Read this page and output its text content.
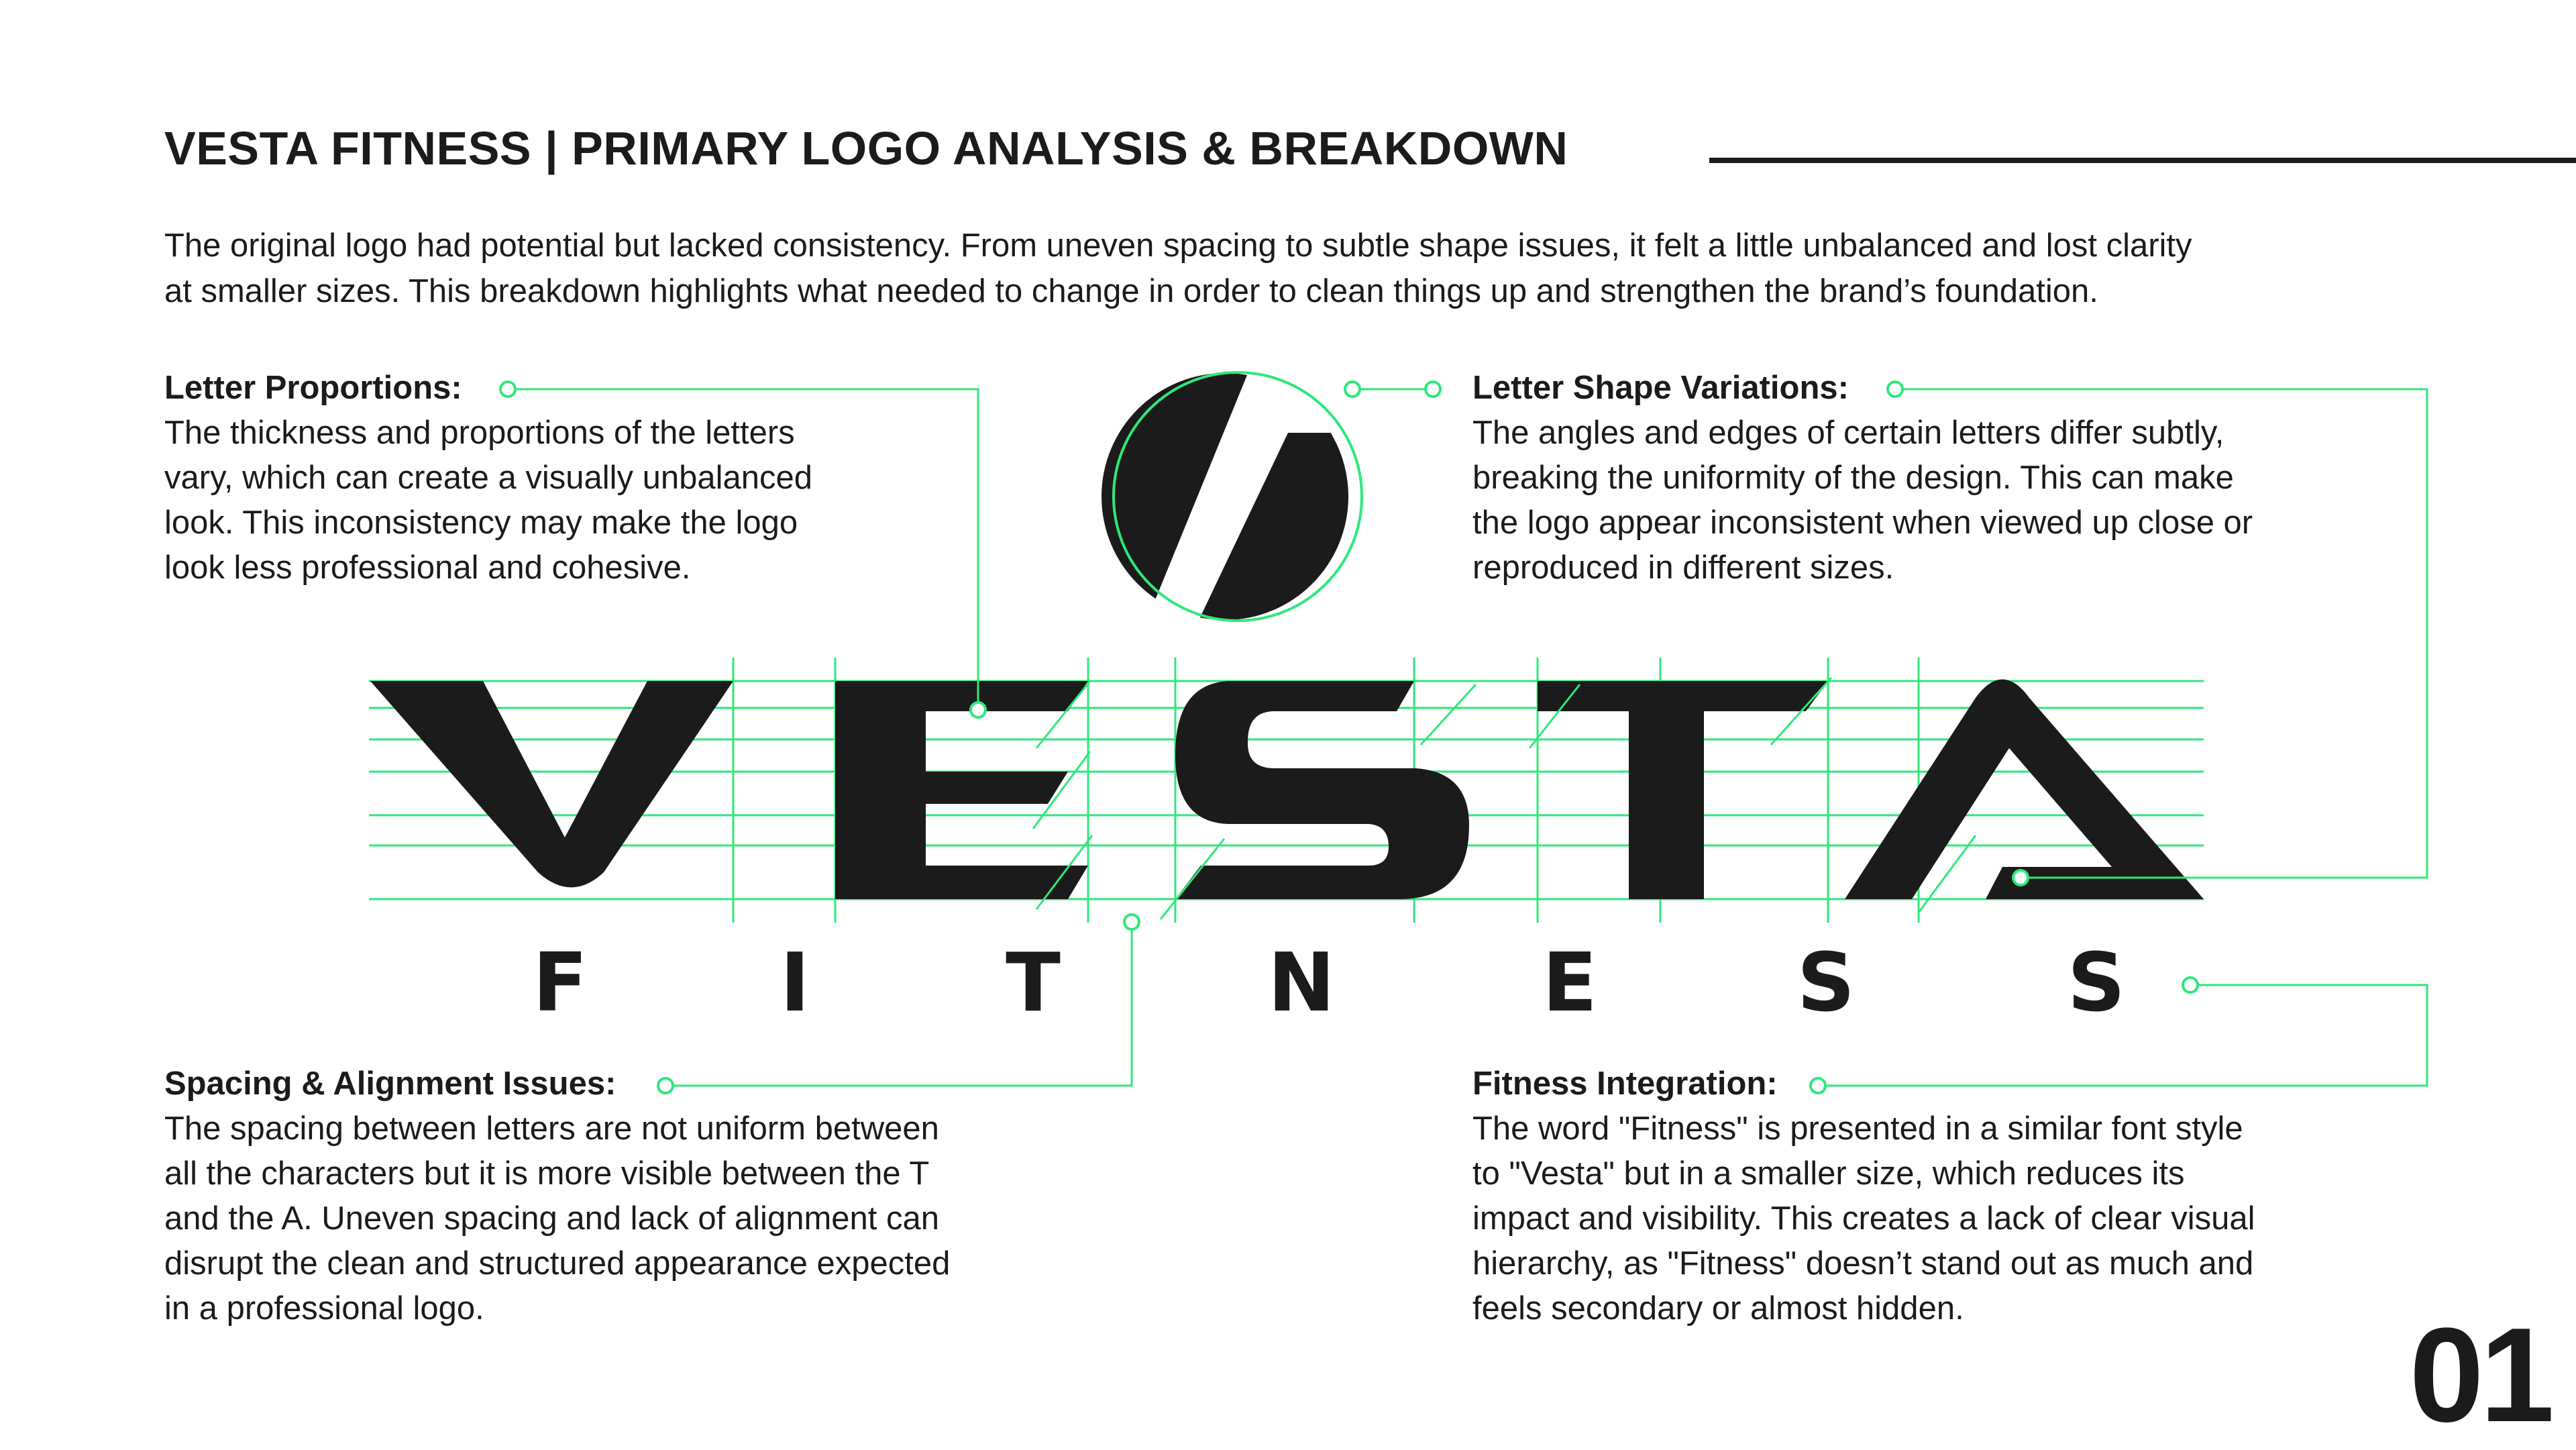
VESTA FITNESS | PRIMARY LOGO ANALYSIS & BREAKDOWN
The original logo had potential but lacked consistency. From uneven spacing to subtle shape issues, it felt a little unbalanced and lost clarity
at smaller sizes. This breakdown highlights what needed to change in order to clean things up and strengthen the brand’s foundation.
Letter Proportions:

The thickness and proportions of the letters
vary, which can create a visually unbalanced
look. This inconsistency may make the logo
look less professional and cohesive.

Letter Shape Variations:

The angles and edges of certain letters differ subtly,
breaking the uniformity of the design. This can make
the logo appear inconsistent when viewed up close or
reproduced in different sizes.

Spacing & Alignment Issues:

The spacing between letters are not uniform between
all the characters but it is more visible between the T
and the A. Uneven spacing and lack of alignment can
disrupt the clean and structured appearance expected
in a professional logo.

Fitness Integration:

The word "Fitness" is presented in a similar font style
to "Vesta" but in a smaller size, which reduces its
impact and visibility. This creates a lack of clear visual
hierarchy, as "Fitness" doesn’t stand out as much and
feels secondary or almost hidden.	01
F I T	N	E S	S
